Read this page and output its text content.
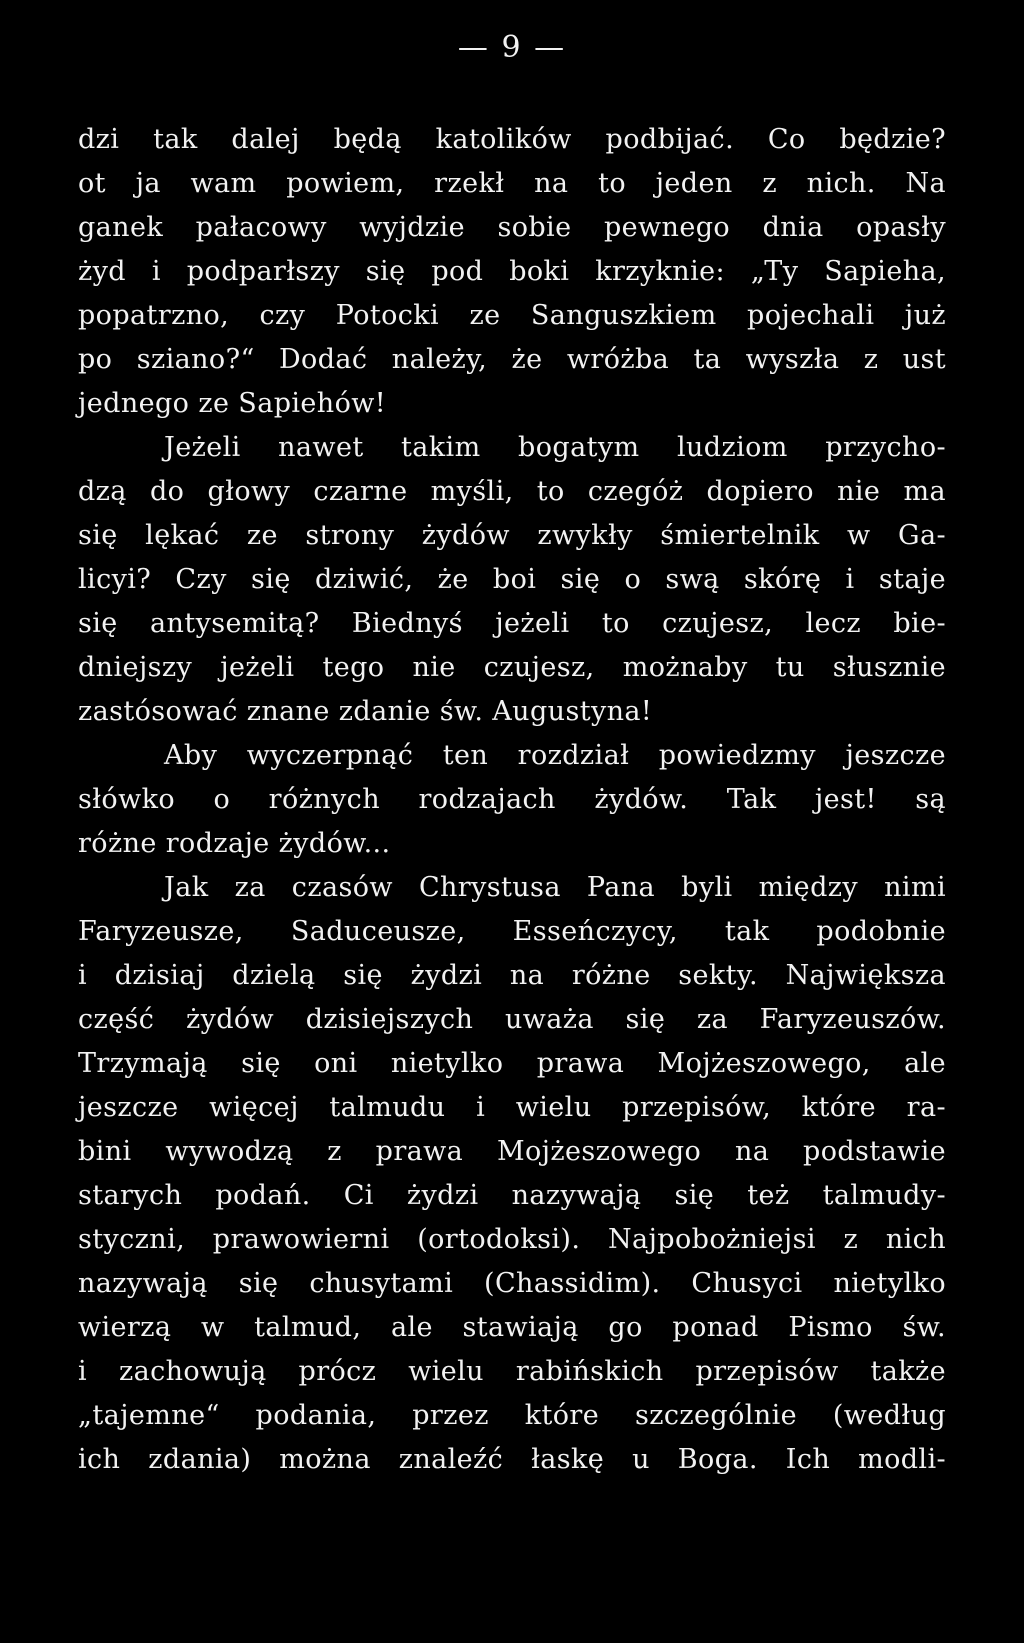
— 9 —
dzi tak dalej będą katolików podbijać. Co będzie?
ot ja wam powiem, rzekł na to jeden z nich. Na
ganek pałacowy wyjdzie sobie pewnego dnia opasły
żyd i podparłszy się pod boki krzyknie: „Ty Sapieha,
popatrzno, czy Potocki ze Sanguszkiem pojechali już
po sziano?“ Dodać należy, że wróżba ta wyszła z ust
jednego ze Sapiehów!
Jeżeli nawet takim bogatym ludziom przycho-
dzą do głowy czarne myśli, to czegóż dopiero nie ma
się lękać ze strony żydów zwykły śmiertelnik w Ga-
licyi? Czy się dziwić, że boi się o swą skórę i staje
się antysemitą? Biednyś jeżeli to czujesz, lecz bie-
dniejszy jeżeli tego nie czujesz, możnaby tu słusznie
zastósować znane zdanie św. Augustyna!
Aby wyczerpnąć ten rozdział powiedzmy jeszcze
słówko o różnych rodzajach żydów. Tak jest! są
różne rodzaje żydów...
Jak za czasów Chrystusa Pana byli między nimi
Faryzeusze, Saduceusze, Esseńczycy, tak podobnie
i dzisiaj dzielą się żydzi na różne sekty. Największa
część żydów dzisiejszych uważa się za Faryzeuszów.
Trzymają się oni nietylko prawa Mojżeszowego, ale
jeszcze więcej talmudu i wielu przepisów, które ra-
bini wywodzą z prawa Mojżeszowego na podstawie
starych podań. Ci żydzi nazywają się też talmudy-
styczni, prawowierni (ortodoksi). Najpobożniejsi z nich
nazywają się chusytami (Chassidim). Chusyci nietylko
wierzą w talmud, ale stawiają go ponad Pismo św.
i zachowują prócz wielu rabińskich przepisów także
„tajemne“ podania, przez które szczególnie (według
ich zdania) można znaleźć łaskę u Boga. Ich modli-
